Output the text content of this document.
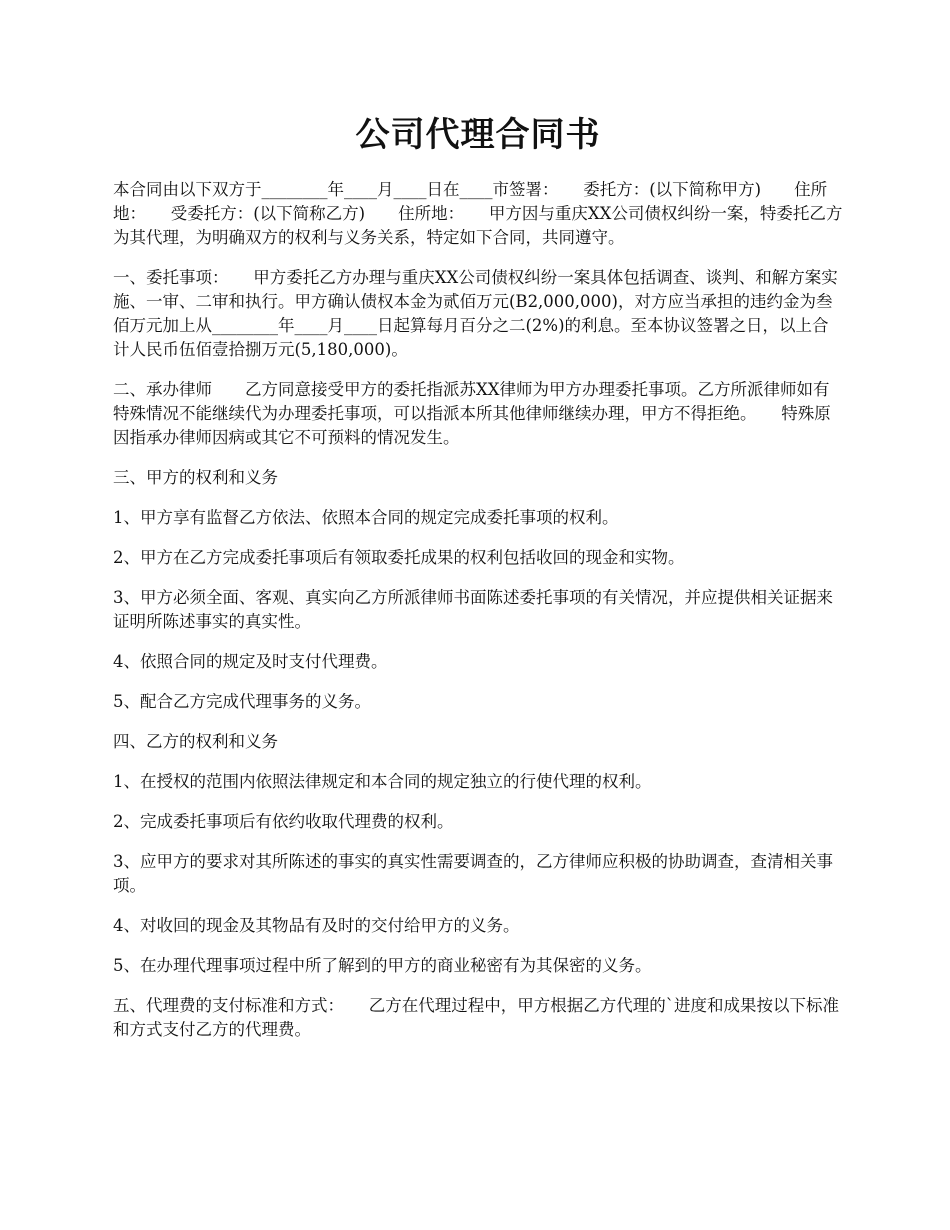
公司代理合同书

本合同由以下双方于________年____月____日在____市签署：　　委托方：(以下简称甲方)　　住所地：　　受委托方：(以下简称乙方)　　住所地：　　甲方因与重庆XX公司债权纠纷一案，特委托乙方为其代理，为明确双方的权利与义务关系，特定如下合同，共同遵守。

一、委托事项：　　甲方委托乙方办理与重庆XX公司债权纠纷一案具体包括调查、谈判、和解方案实施、一审、二审和执行。甲方确认债权本金为贰佰万元(B2,000,000)，对方应当承担的违约金为叁佰万元加上从________年____月____日起算每月百分之二(2%)的利息。至本协议签署之日，以上合计人民币伍佰壹拾捌万元(5,180,000)。

二、承办律师　　乙方同意接受甲方的委托指派苏XX律师为甲方办理委托事项。乙方所派律师如有特殊情况不能继续代为办理委托事项，可以指派本所其他律师继续办理，甲方不得拒绝。　　特殊原因指承办律师因病或其它不可预料的情况发生。

三、甲方的权利和义务

1、甲方享有监督乙方依法、依照本合同的规定完成委托事项的权利。

2、甲方在乙方完成委托事项后有领取委托成果的权利包括收回的现金和实物。

3、甲方必须全面、客观、真实向乙方所派律师书面陈述委托事项的有关情况，并应提供相关证据来证明所陈述事实的真实性。

4、依照合同的规定及时支付代理费。

5、配合乙方完成代理事务的义务。

四、乙方的权利和义务

1、在授权的范围内依照法律规定和本合同的规定独立的行使代理的权利。

2、完成委托事项后有依约收取代理费的权利。

3、应甲方的要求对其所陈述的事实的真实性需要调查的，乙方律师应积极的协助调查，查清相关事项。

4、对收回的现金及其物品有及时的交付给甲方的义务。

5、在办理代理事项过程中所了解到的甲方的商业秘密有为其保密的义务。

五、代理费的支付标准和方式：　　乙方在代理过程中，甲方根据乙方代理的`进度和成果按以下标准和方式支付乙方的代理费。
